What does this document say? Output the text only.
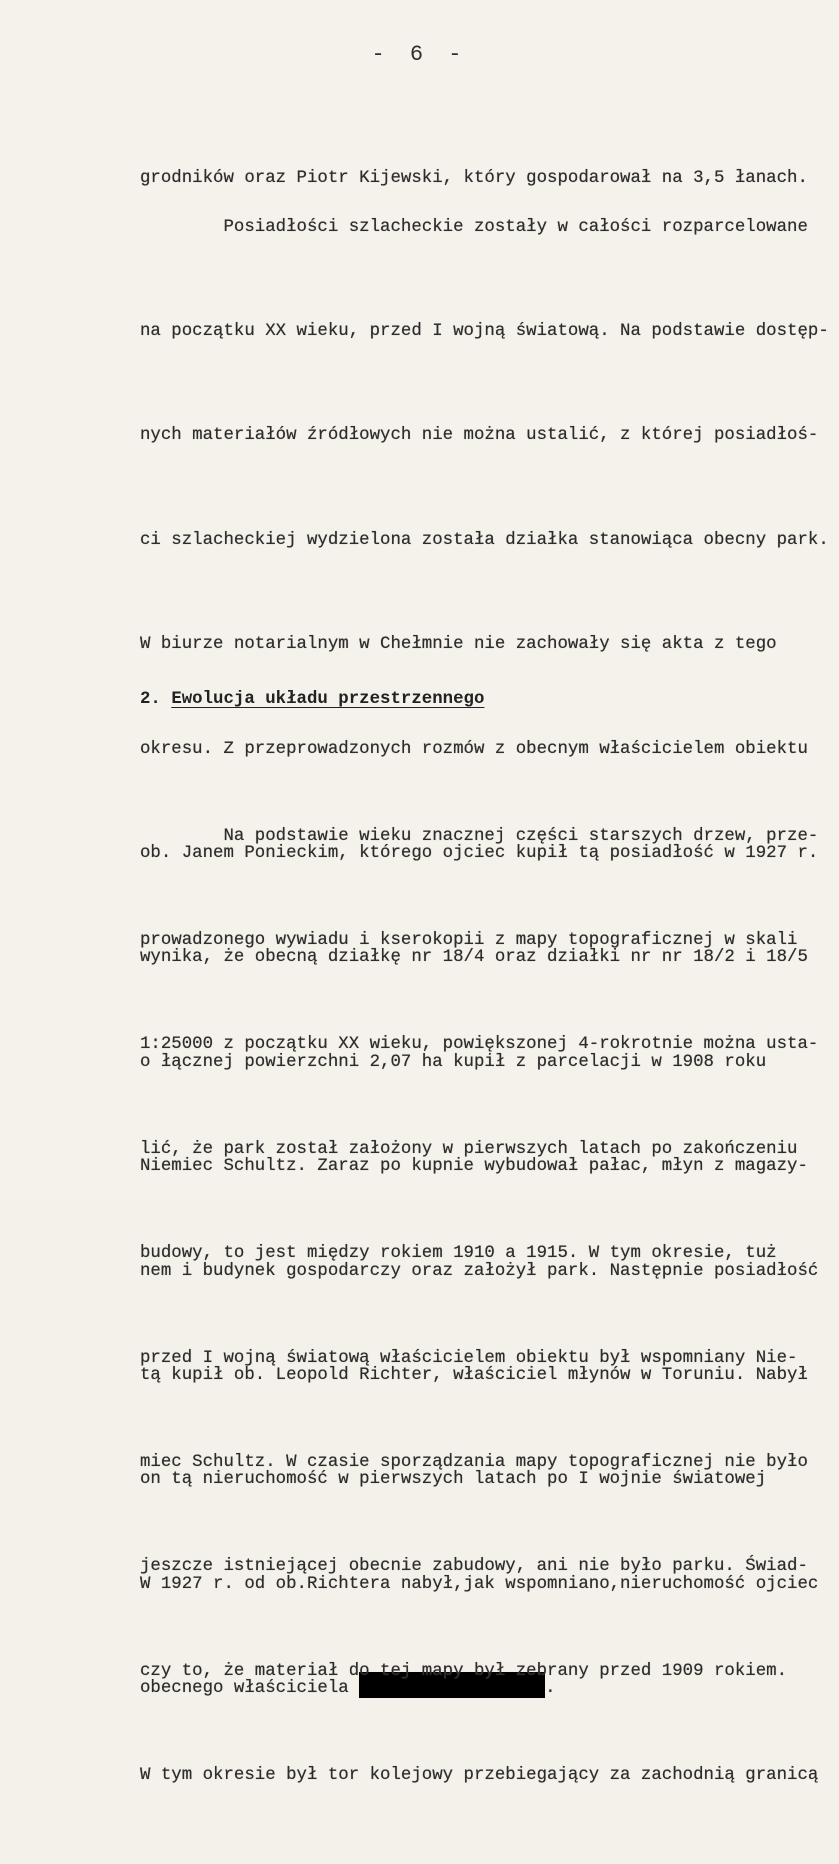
- 6 -

grodników oraz Piotr Kijewski, który gospodarował na 3,5 łanach.

Posiadłości szlacheckie zostały w całości rozparcelowane

na początku XX wieku, przed I wojną światową. Na podstawie dostęp-

nych materiałów źródłowych nie można ustalić, z której posiadłoś-

ci szlacheckiej wydzielona została działka stanowiąca obecny park.

W biurze notarialnym w Chełmnie nie zachowały się akta z tego

okresu. Z przeprowadzonych rozmów z obecnym właścicielem obiektu

ob. Janem Ponieckim, którego ojciec kupił tą posiadłość w 1927 r.

wynika, że obecną działkę nr 18/4 oraz działki nr nr 18/2 i 18/5

o łącznej powierzchni 2,07 ha kupił z parcelacji w 1908 roku

Niemiec Schultz. Zaraz po kupnie wybudował pałac, młyn z magazy-

nem i budynek gospodarczy oraz założył park. Następnie posiadłość

tą kupił ob. Leopold Richter, właściciel młynów w Toruniu. Nabył

on tą nieruchomość w pierwszych latach po I wojnie światowej

W 1927 r. od ob.Richtera nabył,jak wspomniano,nieruchomość ojciec

obecnego właściciela	.

2. Ewolucja układu przestrzennego

Na podstawie wieku znacznej części starszych drzew, prze-

prowadzonego wywiadu i kserokopii z mapy topograficznej w skali

1:25000 z początku XX wieku, powiększonej 4-rokrotnie można usta-

lić, że park został założony w pierwszych latach po zakończeniu

budowy, to jest między rokiem 1910 a 1915. W tym okresie, tuż

przed I wojną światową właścicielem obiektu był wspomniany Nie-

miec Schultz. W czasie sporządzania mapy topograficznej nie było

jeszcze istniejącej obecnie zabudowy, ani nie było parku. Świad-

czy to, że materiał do tej mapy był zebrany przed 1909 rokiem.

W tym okresie był tor kolejowy przebiegający za zachodnią granicą
